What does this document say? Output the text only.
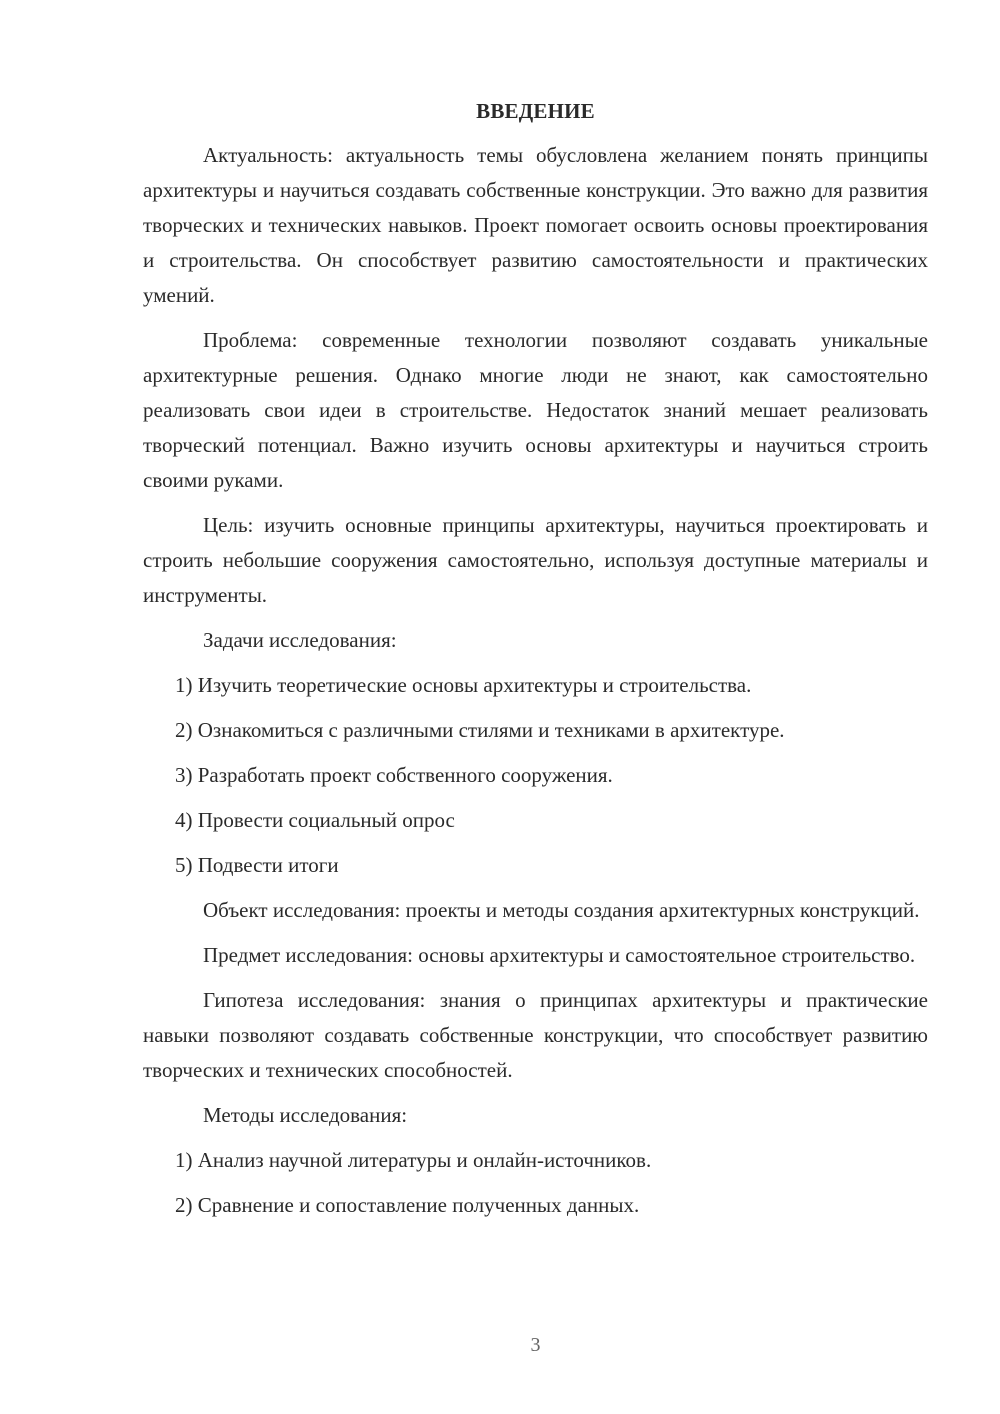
ВВЕДЕНИЕ

Актуальность: актуальность темы обусловлена желанием понять принципы архитектуры и научиться создавать собственные конструкции. Это важно для развития творческих и технических навыков. Проект помогает освоить основы проектирования и строительства. Он способствует развитию самостоятельности и практических умений.

Проблема: современные технологии позволяют создавать уникальные архитектурные решения. Однако многие люди не знают, как самостоятельно реализовать свои идеи в строительстве. Недостаток знаний мешает реализовать творческий потенциал. Важно изучить основы архитектуры и научиться строить своими руками.

Цель: изучить основные принципы архитектуры, научиться проектировать и строить небольшие сооружения самостоятельно, используя доступные материалы и инструменты.

Задачи исследования:

1) Изучить теоретические основы архитектуры и строительства.

2) Ознакомиться с различными стилями и техниками в архитектуре.

3) Разработать проект собственного сооружения.

4) Провести социальный опрос

5) Подвести итоги

Объект исследования: проекты и методы создания архитектурных конструкций.

Предмет исследования: основы архитектуры и самостоятельное строительство.

Гипотеза исследования: знания о принципах архитектуры и практические навыки позволяют создавать собственные конструкции, что способствует развитию творческих и технических способностей.

Методы исследования:

1) Анализ научной литературы и онлайн-источников.

2) Сравнение и сопоставление полученных данных.

3
